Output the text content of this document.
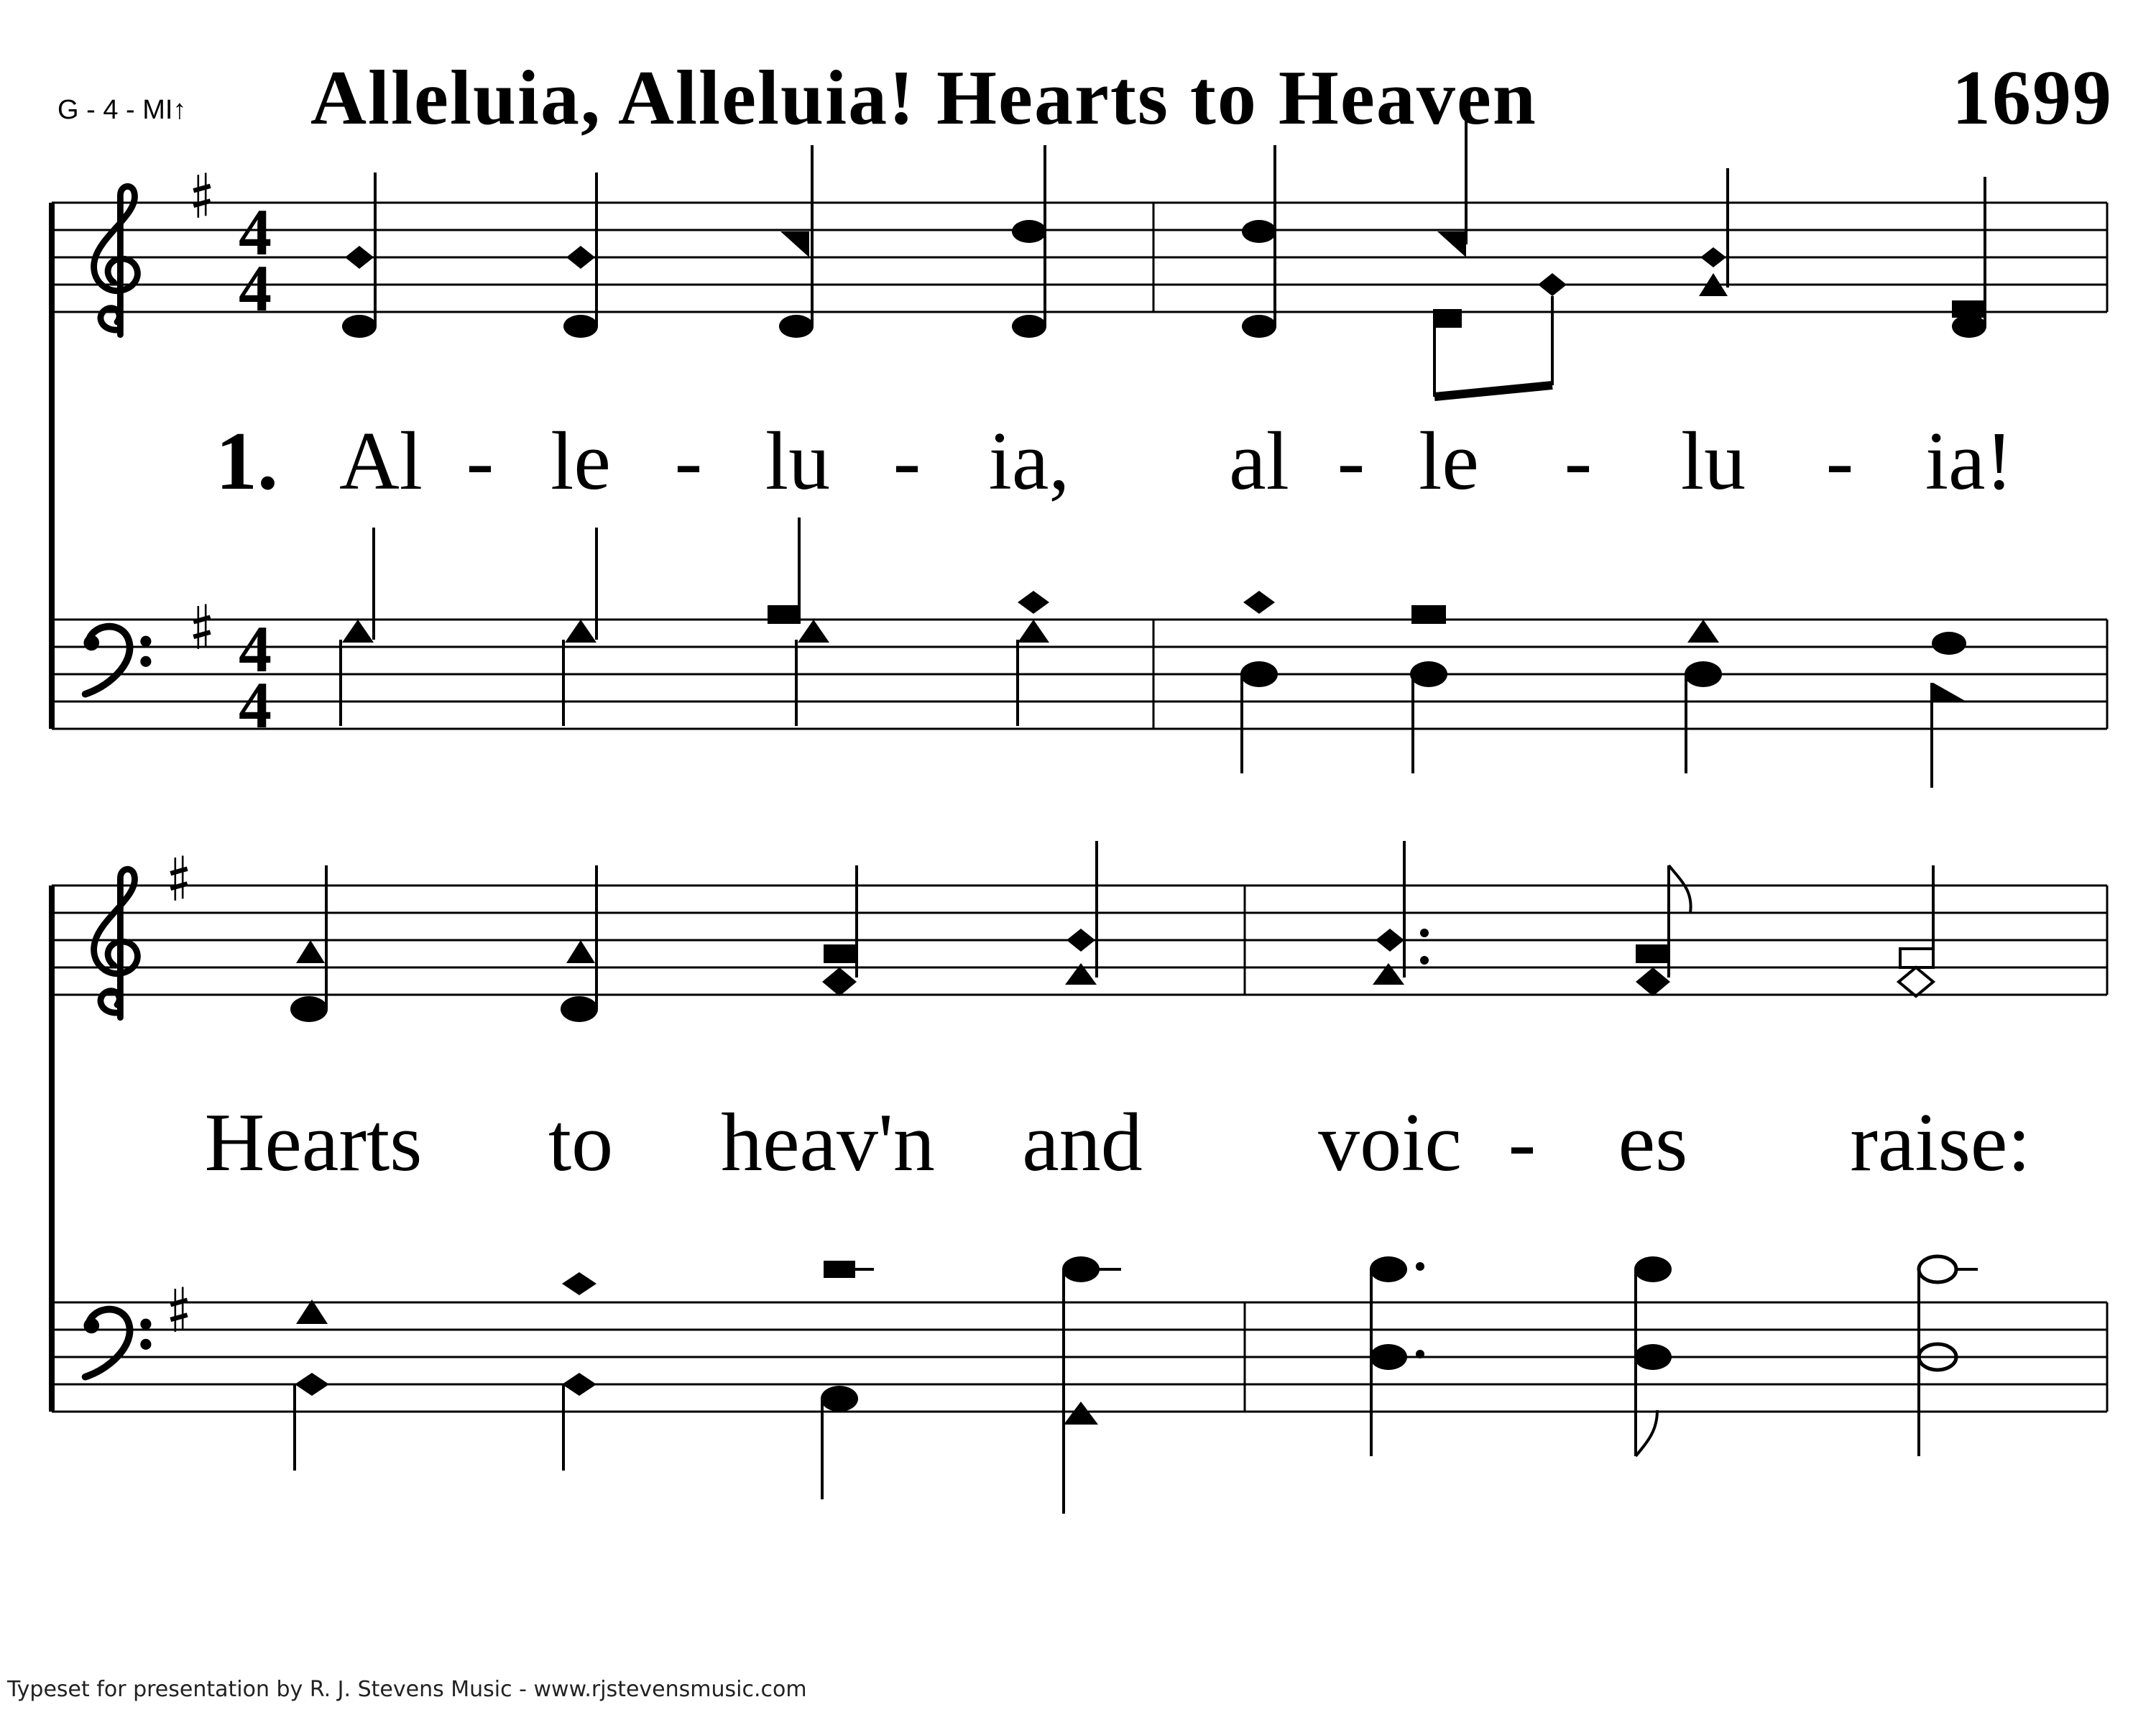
G - 4 - MI↑ Alleluia, Alleluia! Hearts to Heaven	1699
4
4
1. Al - le - lu - ia, al - le - lu - ia!
4
4
Hearts to heav'n and voic - es raise:
Typeset for presentation by R. J. Stevens Music - www.rjstevensmusic.com
